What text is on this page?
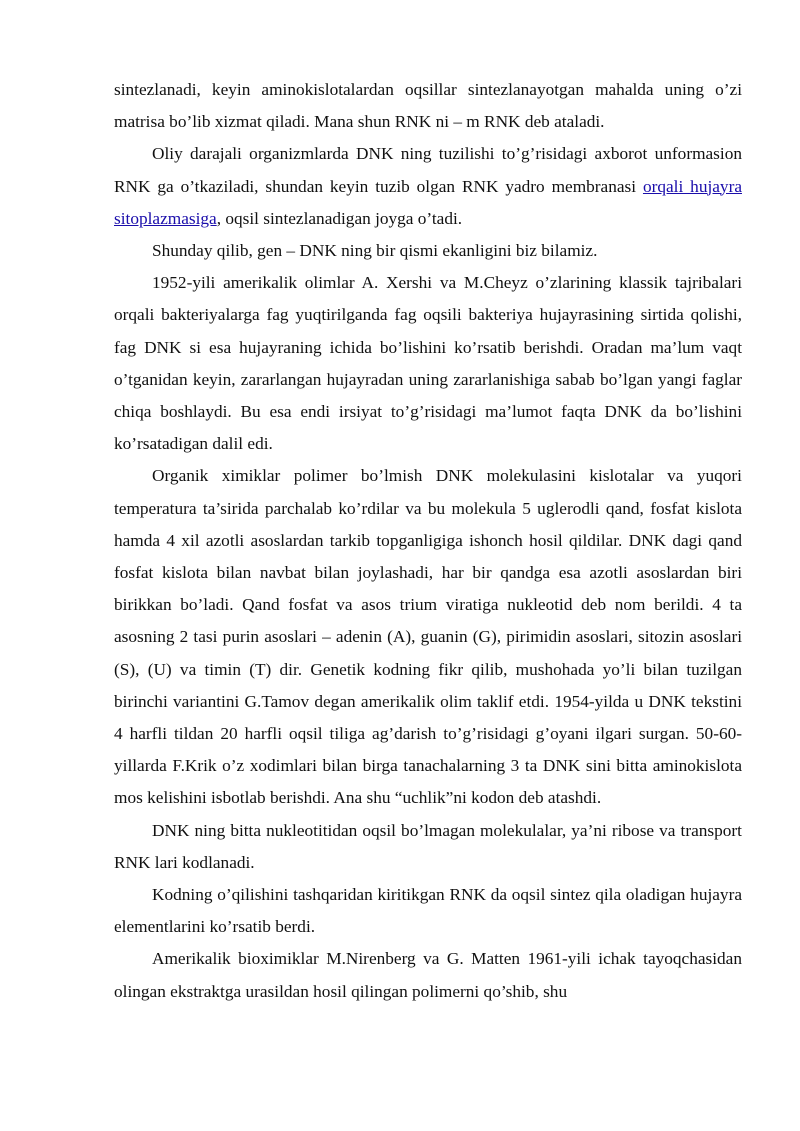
sintezlanadi, keyin aminokislotalardan oqsillar sintezlanayotgan mahalda uning o’zi matrisa bo’lib xizmat qiladi. Mana shun RNK ni – m RNK deb ataladi.

Oliy darajali organizmlarda DNK ning tuzilishi to’g’risidagi axborot unformasion RNK ga o’tkaziladi, shundan keyin tuzib olgan RNK yadro membranasi orqali hujayra sitoplazmasiga, oqsil sintezlanadigan joyga o’tadi.

Shunday qilib, gen – DNK ning bir qismi ekanligini biz bilamiz.

1952-yili amerikalik olimlar A. Xershi va M.Cheyz o’zlarining klassik tajribalari orqali bakteriyalarga fag yuqtirilganda fag oqsili bakteriya hujayrasining sirtida qolishi, fag DNK si esa hujayraning ichida bo’lishini ko’rsatib berishdi. Oradan ma’lum vaqt o’tganidan keyin, zararlangan hujayradan uning zararlanishiga sabab bo’lgan yangi faglar chiqa boshlaydi. Bu esa endi irsiyat to’g’risidagi ma’lumot faqta DNK da bo’lishini ko’rsatadigan dalil edi.

Organik ximiklar polimer bo’lmish DNK molekulasini kislotalar va yuqori temperatura ta’sirida parchalab ko’rdilar va bu molekula 5 uglerodli qand, fosfat kislota hamda 4 xil azotli asoslardan tarkib topganligiga ishonch hosil qildilar. DNK dagi qand fosfat kislota bilan navbat bilan joylashadi, har bir qandga esa azotli asoslardan biri birikkan bo’ladi. Qand fosfat va asos trium viratiga nukleotid deb nom berildi. 4 ta asosning 2 tasi purin asoslari – adenin (A), guanin (G), pirimidin asoslari, sitozin asoslari (S), (U) va timin (T) dir. Genetik kodning fikr qilib, mushohada yo’li bilan tuzilgan birinchi variantini G.Tamov degan amerikalik olim taklif etdi. 1954-yilda u DNK tekstini 4 harfli tildan 20 harfli oqsil tiliga ag’darish to’g’risidagi g’oyani ilgari surgan. 50-60-yillarda F.Krik o’z xodimlari bilan birga tanachalarning 3 ta DNK sini bitta aminokislota mos kelishini isbotlab berishdi. Ana shu “uchlik”ni kodon deb atashdi.

DNK ning bitta nukleotitidan oqsil bo’lmagan molekulalar, ya’ni ribose va transport RNK lari kodlanadi.

Kodning o’qilishini tashqaridan kiritikgan RNK da oqsil sintez qila oladigan hujayra elementlarini ko’rsatib berdi.

Amerikalik bioximiklar M.Nirenberg va G. Matten 1961-yili ichak tayoqchasidan olingan ekstraktga urasildan hosil qilingan polimerni qo’shib, shu
